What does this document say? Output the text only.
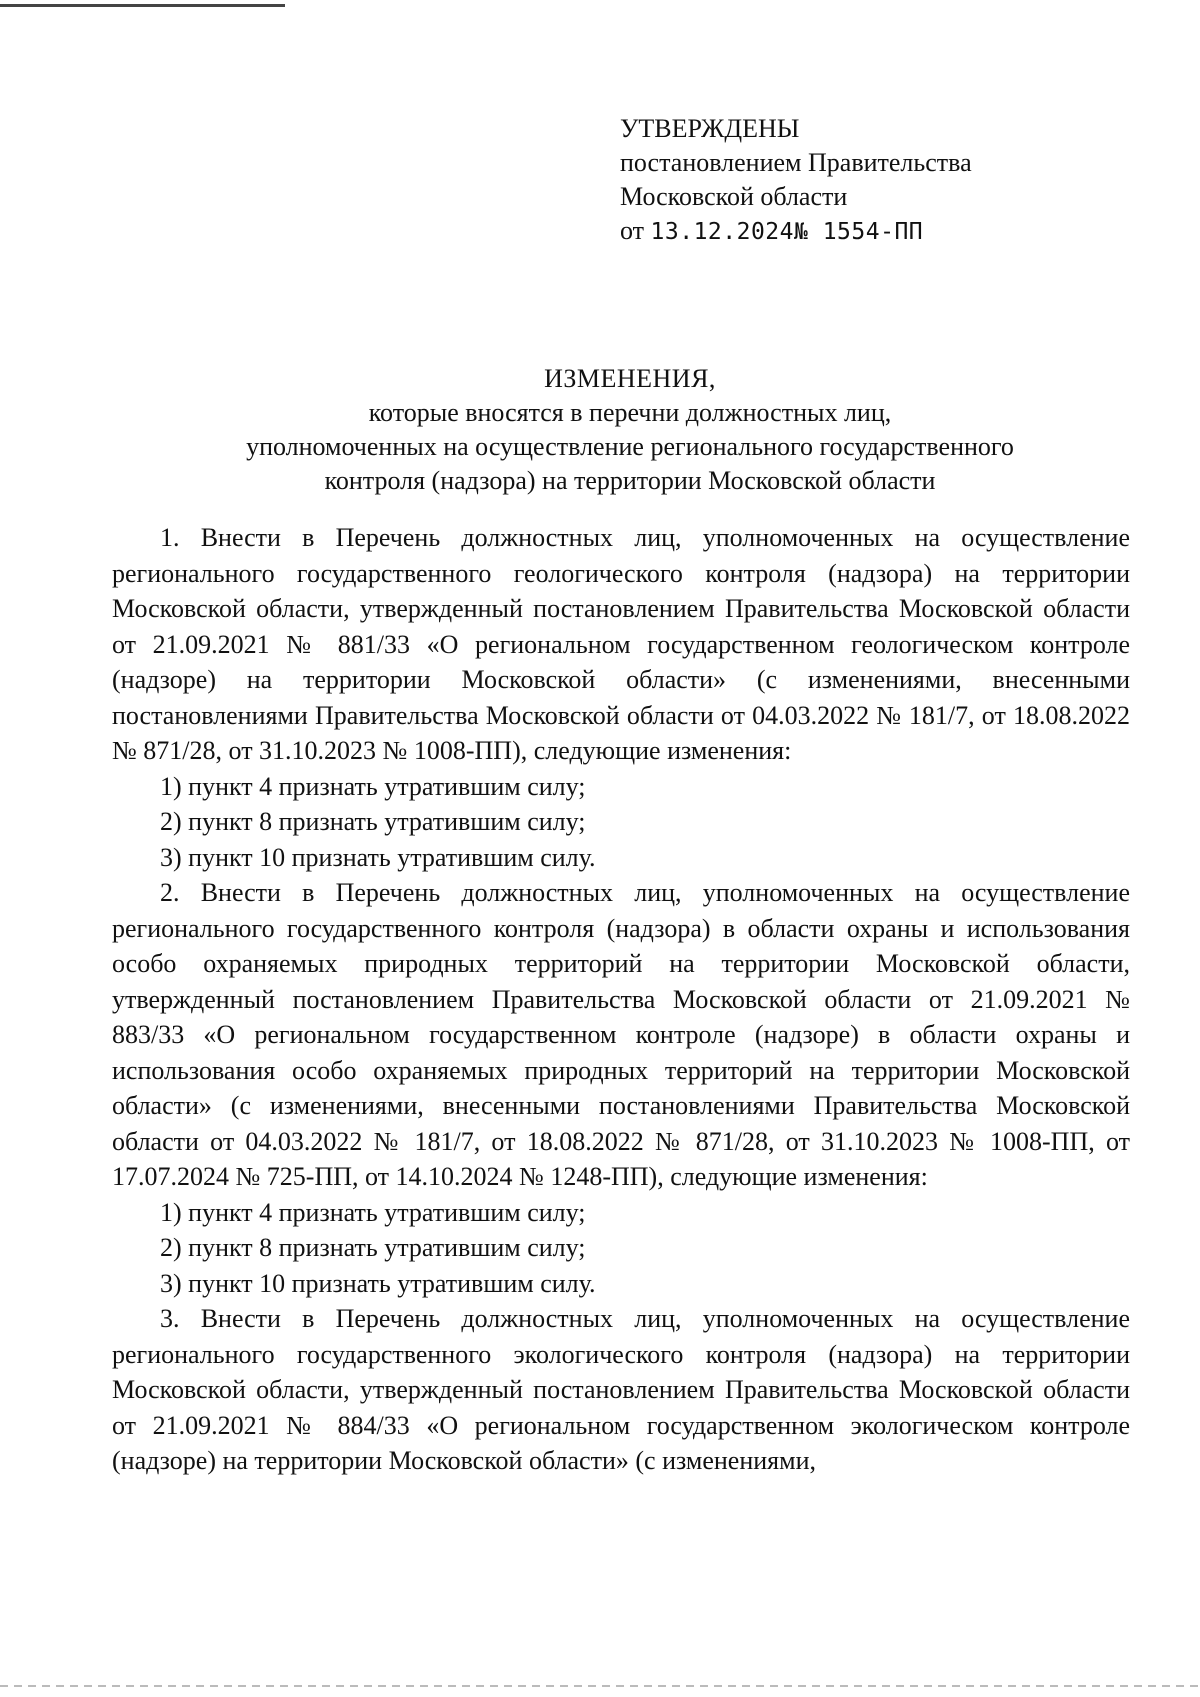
УТВЕРЖДЕНЫ
постановлением Правительства
Московской области
от 13.12.2024№ 1554-ПП
ИЗМЕНЕНИЯ,
которые вносятся в перечни должностных лиц,
уполномоченных на осуществление регионального государственного
контроля (надзора) на территории Московской области

1. Внести в Перечень должностных лиц, уполномоченных на осуществление регионального государственного геологического контроля (надзора) на территории Московской области, утвержденный постановлением Правительства Московской области от 21.09.2021 № 881/33 «О региональном государственном геологическом контроле (надзоре) на территории Московской области» (с изменениями, внесенными постановлениями Правительства Московской области от 04.03.2022 № 181/7, от 18.08.2022 № 871/28, от 31.10.2023 № 1008-ПП), следующие изменения:

1) пункт 4 признать утратившим силу;

2) пункт 8 признать утратившим силу;

3) пункт 10 признать утратившим силу.

2. Внести в Перечень должностных лиц, уполномоченных на осуществление регионального государственного контроля (надзора) в области охраны и использования особо охраняемых природных территорий на территории Московской области, утвержденный постановлением Правительства Московской области от 21.09.2021 № 883/33 «О региональном государственном контроле (надзоре) в области охраны и использования особо охраняемых природных территорий на территории Московской области» (с изменениями, внесенными постановлениями Правительства Московской области от 04.03.2022 № 181/7, от 18.08.2022 № 871/28, от 31.10.2023 № 1008-ПП, от 17.07.2024 № 725-ПП, от 14.10.2024 № 1248-ПП), следующие изменения:

1) пункт 4 признать утратившим силу;

2) пункт 8 признать утратившим силу;

3) пункт 10 признать утратившим силу.

3. Внести в Перечень должностных лиц, уполномоченных на осуществление регионального государственного экологического контроля (надзора) на территории Московской области, утвержденный постановлением Правительства Московской области от 21.09.2021 № 884/33 «О региональном государственном экологическом контроле (надзоре) на территории Московской области» (с изменениями,
